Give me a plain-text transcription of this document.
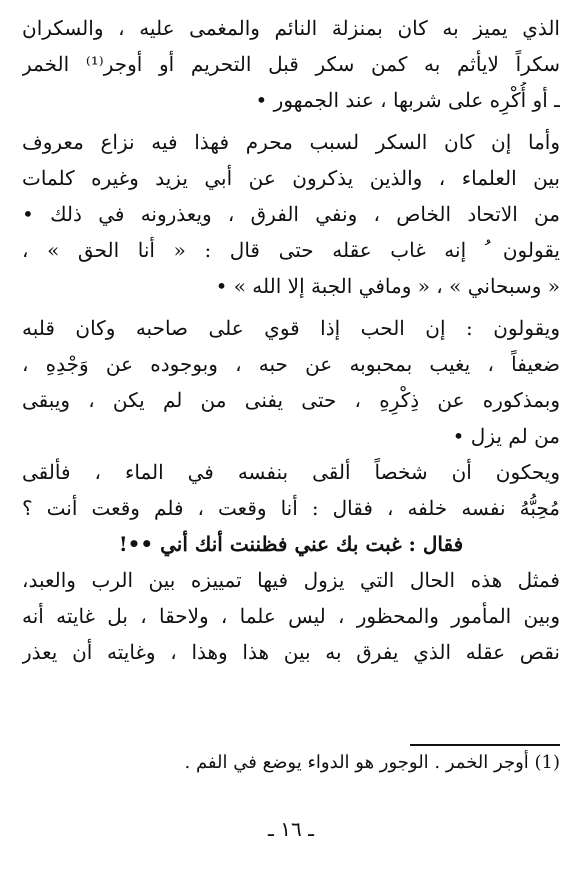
الذي يميز به كان بمنزلة النائم والمغمى عليه ، والسكران
سكراً لايأثم به كمن سكر قبل التحريم أو أوجر⁽¹⁾ الخمر
ـ أو أُكْرِه على شربها ، عند الجمهور •
وأما إن كان السكر لسبب محرم فهذا فيه نزاع معروف
بين العلماء ، والذين يذكرون عن أبي يزيد وغيره كلمات
من الاتحاد الخاص ، ونفي الفرق ، ويعذرونه في ذلك •
يقولون ُ إنه غاب عقله حتى قال : « أنا الحق » ،
« وسبحاني » ، « ومافي الجبة إلا الله » •
ويقولون : إن الحب إذا قوي على صاحبه وكان قلبه
ضعيفاً ، يغيب بمحبوبه عن حبه ، وبوجوده عن وَجْدِهِ ،
وبمذكوره عن ذِكْرِهِ ، حتى يفنى من لم يكن ، ويبقى
من لم يزل •
ويحكون أن شخصاً ألقى بنفسه في الماء ، فألقى
مُحِبُّهُ نفسه خلفه ، فقال : أنا وقعت ، فلم وقعت أنت ؟
فقال : غبت بك عني فظننت أنك أني ••!
فمثل هذه الحال التي يزول فيها تمييزه بين الرب والعبد،
وبين المأمور والمحظور ، ليس علما ، ولاحقا ، بل غايته أنه
نقص عقله الذي يفرق به بين هذا وهذا ، وغايته أن يعذر
(1) أوجر الخمر . الوجور هو الدواء يوضع في الفم .
ـ ١٦ ـ
